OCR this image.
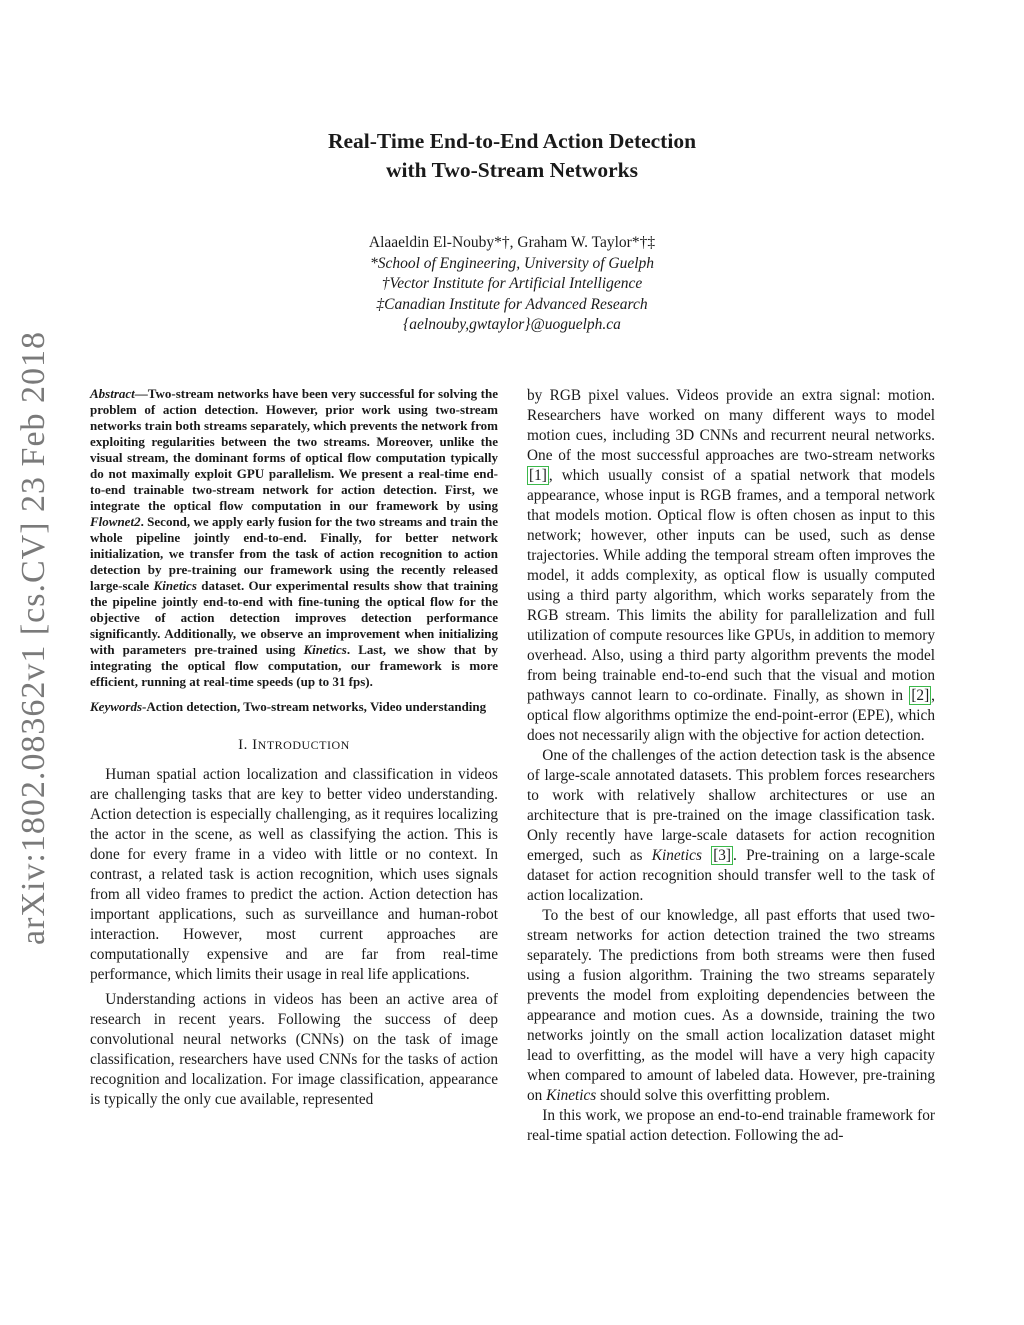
arXiv:1802.08362v1 [cs.CV] 23 Feb 2018
Real-Time End-to-End Action Detection
with Two-Stream Networks
Alaaeldin El-Nouby*†, Graham W. Taylor*†‡
*School of Engineering, University of Guelph
†Vector Institute for Artificial Intelligence
‡Canadian Institute for Advanced Research
{aelnouby,gwtaylor}@uoguelph.ca
Abstract—Two-stream networks have been very successful for solving the problem of action detection. However, prior work using two-stream networks train both streams separately, which prevents the network from exploiting regularities between the two streams. Moreover, unlike the visual stream, the dominant forms of optical flow computation typically do not maximally exploit GPU parallelism. We present a real-time end-to-end trainable two-stream network for action detection. First, we integrate the optical flow computation in our framework by using Flownet2. Second, we apply early fusion for the two streams and train the whole pipeline jointly end-to-end. Finally, for better network initialization, we transfer from the task of action recognition to action detection by pre-training our framework using the recently released large-scale Kinetics dataset. Our experimental results show that training the pipeline jointly end-to-end with fine-tuning the optical flow for the objective of action detection improves detection performance significantly. Additionally, we observe an improvement when initializing with parameters pre-trained using Kinetics. Last, we show that by integrating the optical flow computation, our framework is more efficient, running at real-time speeds (up to 31 fps).
Keywords-Action detection, Two-stream networks, Video understanding
I. INTRODUCTION

Human spatial action localization and classification in videos are challenging tasks that are key to better video understanding. Action detection is especially challenging, as it requires localizing the actor in the scene, as well as classifying the action. This is done for every frame in a video with little or no context. In contrast, a related task is action recognition, which uses signals from all video frames to predict the action. Action detection has important applications, such as surveillance and human-robot interaction. However, most current approaches are computationally expensive and are far from real-time performance, which limits their usage in real life applications.

Understanding actions in videos has been an active area of research in recent years. Following the success of deep convolutional neural networks (CNNs) on the task of image classification, researchers have used CNNs for the tasks of action recognition and localization. For image classification, appearance is typically the only cue available, represented

by RGB pixel values. Videos provide an extra signal: motion. Researchers have worked on many different ways to model motion cues, including 3D CNNs and recurrent neural networks. One of the most successful approaches are two-stream networks [1] , which usually consist of a spatial network that models appearance, whose input is RGB frames, and a temporal network that models motion. Optical flow is often chosen as input to this network; however, other inputs can be used, such as dense trajectories. While adding the temporal stream often improves the model, it adds complexity, as optical flow is usually computed using a third party algorithm, which works separately from the RGB stream. This limits the ability for parallelization and full utilization of compute resources like GPUs, in addition to memory overhead. Also, using a third party algorithm prevents the model from being trainable end-to-end such that the visual and motion pathways cannot learn to co-ordinate. Finally, as shown in [2] , optical flow algorithms optimize the end-point-error (EPE), which does not necessarily align with the objective for action detection.

One of the challenges of the action detection task is the absence of large-scale annotated datasets. This problem forces researchers to work with relatively shallow architectures or use an architecture that is pre-trained on the image classification task. Only recently have large-scale datasets for action recognition emerged, such as Kinetics [3] . Pre-training on a large-scale dataset for action recognition should transfer well to the task of action localization.

To the best of our knowledge, all past efforts that used two-stream networks for action detection trained the two streams separately. The predictions from both streams were then fused using a fusion algorithm. Training the two streams separately prevents the model from exploiting dependencies between the appearance and motion cues. As a downside, training the two networks jointly on the small action localization dataset might lead to overfitting, as the model will have a very high capacity when compared to amount of labeled data. However, pre-training on Kinetics should solve this overfitting problem.

In this work, we propose an end-to-end trainable framework for real-time spatial action detection. Following the ad-
